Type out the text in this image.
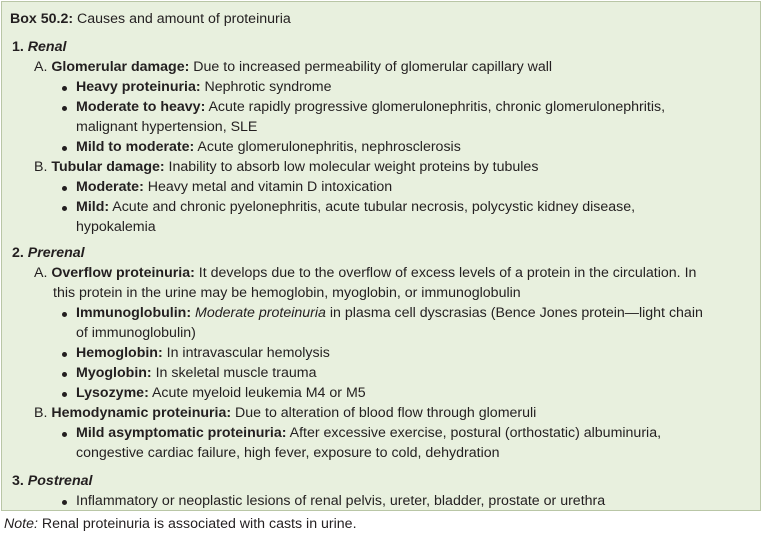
Box 50.2: Causes and amount of proteinuria
1. Renal
A. Glomerular damage: Due to increased permeability of glomerular capillary wall
Heavy proteinuria: Nephrotic syndrome
Moderate to heavy: Acute rapidly progressive glomerulonephritis, chronic glomerulonephritis,
malignant hypertension, SLE
Mild to moderate: Acute glomerulonephritis, nephrosclerosis
B. Tubular damage: Inability to absorb low molecular weight proteins by tubules
Moderate: Heavy metal and vitamin D intoxication
Mild: Acute and chronic pyelonephritis, acute tubular necrosis, polycystic kidney disease,
hypokalemia
2. Prerenal
A. Overflow proteinuria: It develops due to the overflow of excess levels of a protein in the circulation. In
this protein in the urine may be hemoglobin, myoglobin, or immunoglobulin
Immunoglobulin: Moderate proteinuria in plasma cell dyscrasias (Bence Jones protein—light chain
of immunoglobulin)
Hemoglobin: In intravascular hemolysis
Myoglobin: In skeletal muscle trauma
Lysozyme: Acute myeloid leukemia M4 or M5
B. Hemodynamic proteinuria: Due to alteration of blood flow through glomeruli
Mild asymptomatic proteinuria: After excessive exercise, postural (orthostatic) albuminuria,
congestive cardiac failure, high fever, exposure to cold, dehydration
3. Postrenal
Inflammatory or neoplastic lesions of renal pelvis, ureter, bladder, prostate or urethra
Note: Renal proteinuria is associated with casts in urine.
